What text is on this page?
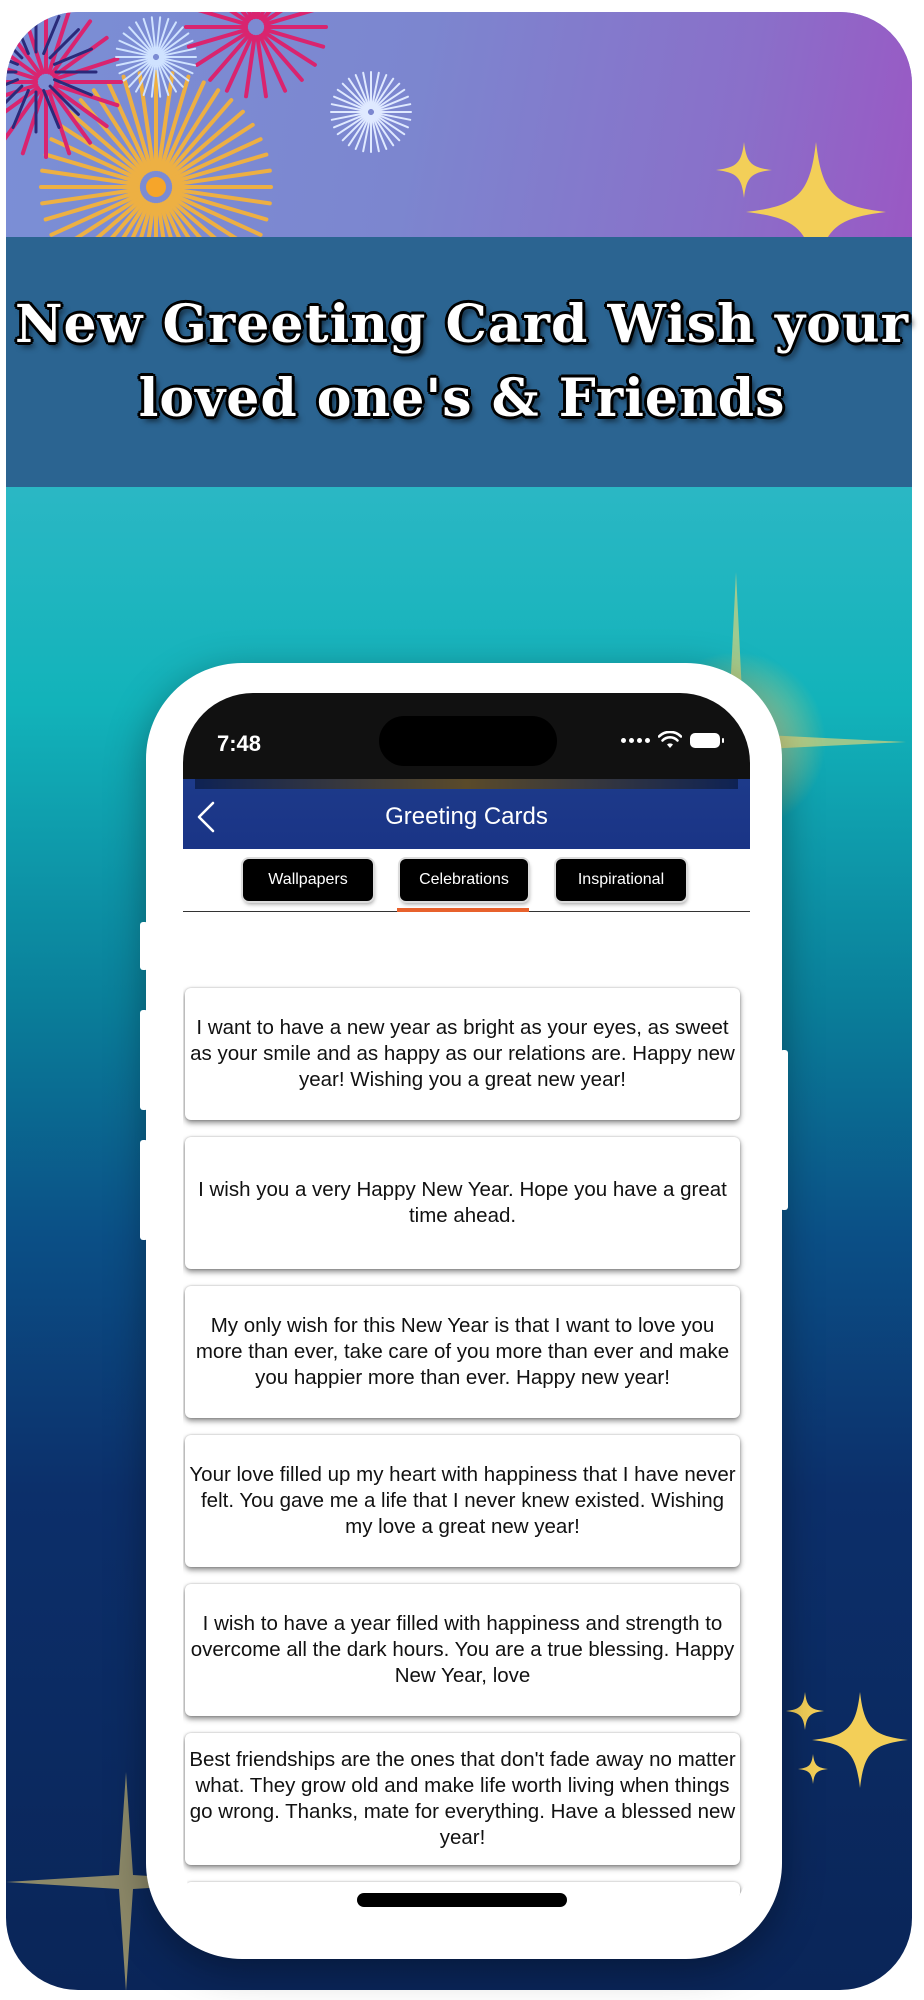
New Greeting Card Wish your
loved one's & Friends
7:48
Greeting Cards
Wallpapers	Celebrations	Inspirational
I want to have a new year as bright as your eyes, as sweet as your smile and as happy as our relations are. Happy new year! Wishing you a great new year!
I wish you a very Happy New Year. Hope you have a great time ahead.
My only wish for this New Year is that I want to love you more than ever, take care of you more than ever and make you happier more than ever. Happy new year!
Your love filled up my heart with happiness that I have never felt. You gave me a life that I never knew existed. Wishing my love a great new year!
I wish to have a year filled with happiness and strength to overcome all the dark hours. You are a true blessing. Happy New Year, love
Best friendships are the ones that don't fade away no matter what. They grow old and make life worth living when things go wrong. Thanks, mate for everything. Have a blessed new year!
